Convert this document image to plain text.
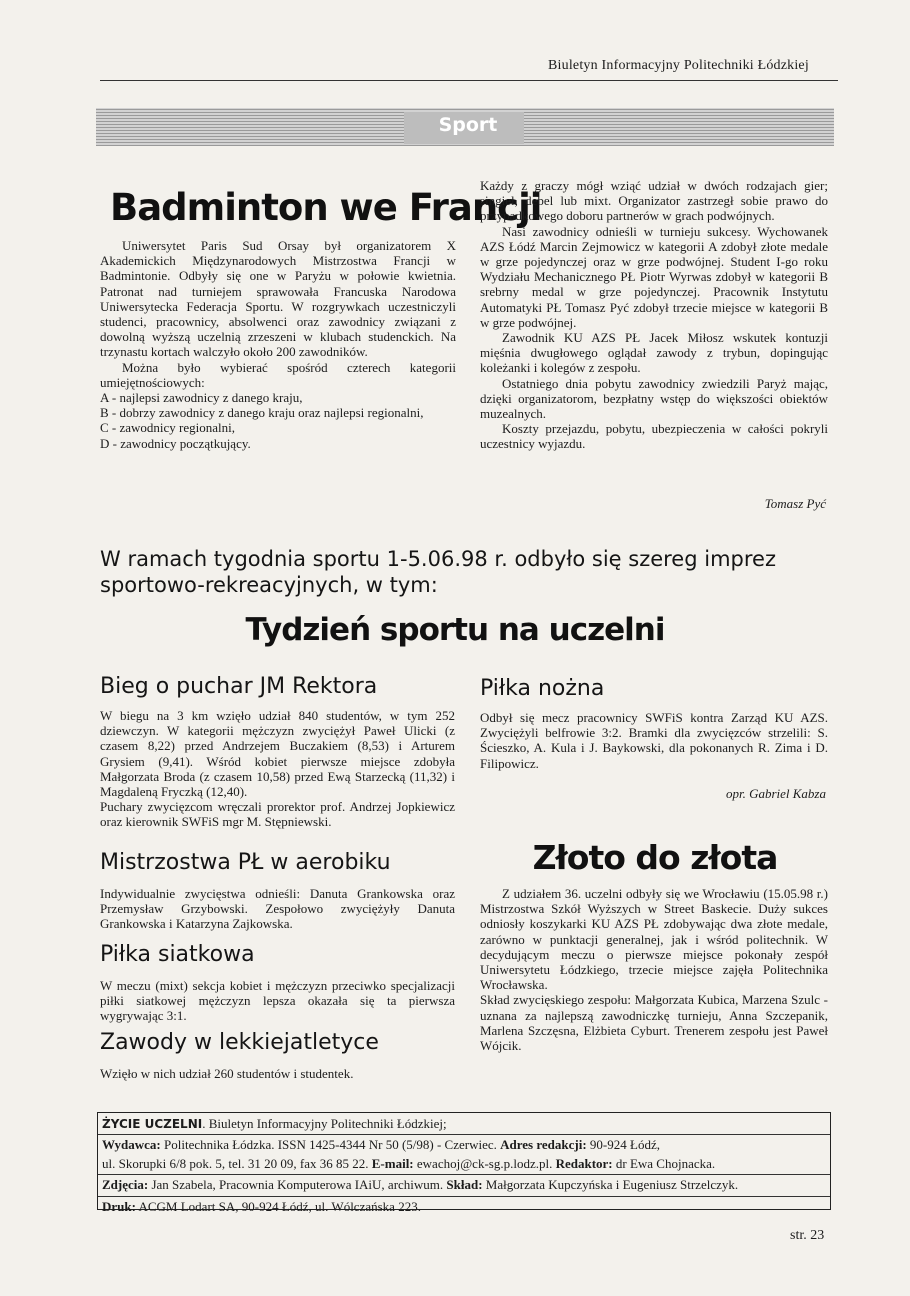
Biuletyn Informacyjny Politechniki Łódzkiej
Sport
Badminton we Francji

Uniwersytet Paris Sud Orsay był organizatorem X Akademickich Międzynarodowych Mistrzostwa Francji w Badmintonie. Odbyły się one w Paryżu w połowie kwietnia. Patronat nad turniejem sprawowała Francuska Narodowa Uniwersytecka Federacja Sportu. W rozgrywkach uczestniczyli studenci, pracownicy, absolwenci oraz zawodnicy związani z dowolną wyższą uczelnią zrzeszeni w klubach studenckich. Na trzynastu kortach walczyło około 200 zawodników.

Można było wybierać spośród czterech kategorii umiejętnościowych:

A - najlepsi zawodnicy z danego kraju,

B - dobrzy zawodnicy z danego kraju oraz najlepsi regionalni,

C - zawodnicy regionalni,

D - zawodnicy początkujący.

Każdy z graczy mógł wziąć udział w dwóch rodzajach gier; singiel, debel lub mixt. Organizator zastrzegł sobie prawo do przypadkowego doboru partnerów w grach podwójnych.

Nasi zawodnicy odnieśli w turnieju sukcesy. Wychowanek AZS Łódź Marcin Zejmowicz w kategorii A zdobył złote medale w grze pojedynczej oraz w grze podwójnej. Student I-go roku Wydziału Mechanicznego PŁ Piotr Wyrwas zdobył w kategorii B srebrny medal w grze pojedynczej. Pracownik Instytutu Automatyki PŁ Tomasz Pyć zdobył trzecie miejsce w kategorii B w grze podwójnej.

Zawodnik KU AZS PŁ Jacek Miłosz wskutek kontuzji mięśnia dwugłowego oglądał zawody z trybun, dopingując koleżanki i kolegów z zespołu.

Ostatniego dnia pobytu zawodnicy zwiedzili Paryż mając, dzięki organizatorom, bezpłatny wstęp do większości obiektów muzealnych.

Koszty przejazdu, pobytu, ubezpieczenia w całości pokryli uczestnicy wyjazdu.

Tomasz Pyć
W ramach tygodnia sportu 1-5.06.98 r. odbyło się szereg imprez sportowo-rekreacyjnych, w tym:
Tydzień sportu na uczelni
Bieg o puchar JM Rektora

W biegu na 3 km wzięło udział 840 studentów, w tym 252 dziewczyn. W kategorii mężczyzn zwyciężył Paweł Ulicki (z czasem 8,22) przed Andrzejem Buczakiem (8,53) i Arturem Grysiem (9,41). Wśród kobiet pierwsze miejsce zdobyła Małgorzata Broda (z czasem 10,58) przed Ewą Starzecką (11,32) i Magdaleną Fryczką (12,40).

Puchary zwycięzcom wręczali prorektor prof. Andrzej Jopkiewicz oraz kierownik SWFiS mgr M. Stępniewski.

Mistrzostwa PŁ w aerobiku
Indywidualnie zwycięstwa odnieśli: Danuta Grankowska oraz Przemysław Grzybowski. Zespołowo zwyciężyły Danuta Grankowska i Katarzyna Zajkowska.
Piłka siatkowa
W meczu (mixt) sekcja kobiet i mężczyzn przeciwko specjalizacji piłki siatkowej mężczyzn lepsza okazała się ta pierwsza wygrywając 3:1.
Zawody w lekkiejatletyce
Wzięło w nich udział 260 studentów i studentek.
Piłka nożna
Odbył się mecz pracownicy SWFiS kontra Zarząd KU AZS. Zwyciężyli belfrowie 3:2. Bramki dla zwycięzców strzelili: S. Ścieszko, A. Kula i J. Baykowski, dla pokonanych R. Zima i D. Filipowicz.
opr. Gabriel Kabza
Złoto do złota

Z udziałem 36. uczelni odbyły się we Wrocławiu (15.05.98 r.) Mistrzostwa Szkół Wyższych w Street Baskecie. Duży sukces odniosły koszykarki KU AZS PŁ zdobywając dwa złote medale, zarówno w punktacji generalnej, jak i wśród politechnik. W decydującym meczu o pierwsze miejsce pokonały zespół Uniwersytetu Łódzkiego, trzecie miejsce zajęła Politechnika Wrocławska.

Skład zwycięskiego zespołu: Małgorzata Kubica, Marzena Szulc - uznana za najlepszą zawodniczkę turnieju, Anna Szczepanik, Marlena Szczęsna, Elżbieta Cyburt. Trenerem zespołu jest Paweł Wójcik.

ŻYCIE UCZELNI. Biuletyn Informacyjny Politechniki Łódzkiej;

Wydawca: Politechnika Łódzka. ISSN 1425-4344 Nr 50 (5/98) - Czerwiec. Adres redakcji: 90-924 Łódź,

ul. Skorupki 6/8 pok. 5, tel. 31 20 09, fax 36 85 22. E-mail: ewachoj@ck-sg.p.lodz.pl. Redaktor: dr Ewa Chojnacka.

Zdjęcia: Jan Szabela, Pracownia Komputerowa IAiU, archiwum. Skład: Małgorzata Kupczyńska i Eugeniusz Strzelczyk.

Druk: ACGM Lodart SA, 90-924 Łódź, ul. Wólczańska 223.

str. 23
